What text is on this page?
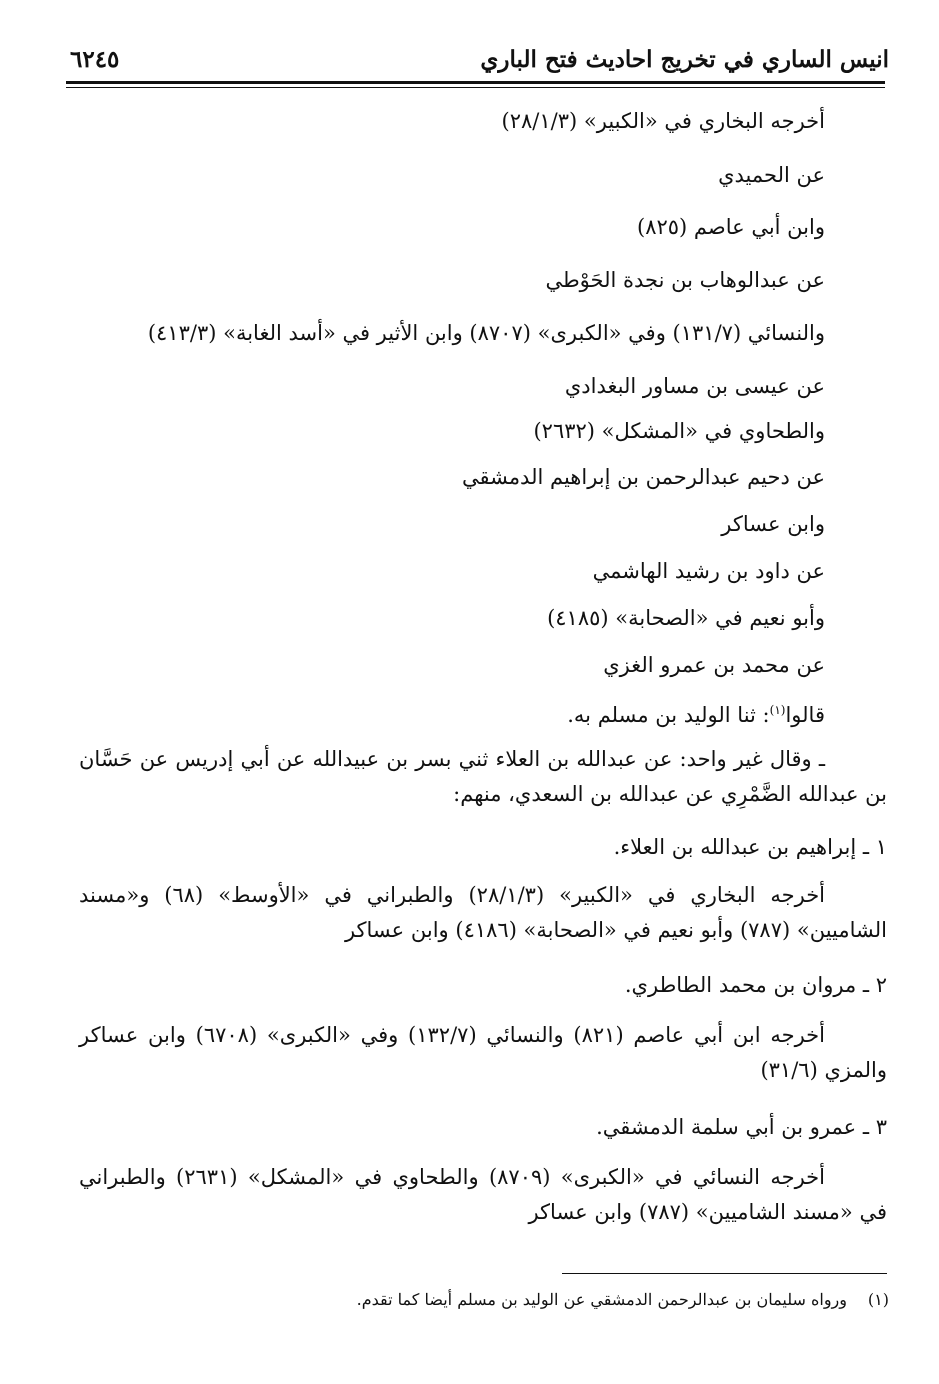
انيس الساري في تخريج احاديث فتح الباري
٦٢٤٥
أخرجه البخاري في «الكبير» (٢٨/١/٣)
عن الحميدي
وابن أبي عاصم (٨٢٥)
عن عبدالوهاب بن نجدة الحَوْطي
والنسائي (١٣١/٧) وفي «الكبرى» (٨٧٠٧) وابن الأثير في «أسد الغابة» (٤١٣/٣)
عن عيسى بن مساور البغدادي
والطحاوي في «المشكل» (٢٦٣٢)
عن دحيم عبدالرحمن بن إبراهيم الدمشقي
وابن عساكر
عن داود بن رشيد الهاشمي
وأبو نعيم في «الصحابة» (٤١٨٥)
عن محمد بن عمرو الغزي
قالوا$^{(١)}$: ثنا الوليد بن مسلم به.
ـ وقال غير واحد: عن عبدالله بن العلاء ثني بسر بن عبيدالله عن أبي إدريس عن حَسَّان بن عبدالله الضَّمْرِي عن عبدالله بن السعدي، منهم:
١ ـ إبراهيم بن عبدالله بن العلاء.
أخرجه البخاري في «الكبير» (٢٨/١/٣) والطبراني في «الأوسط» (٦٨) و«مسند الشاميين» (٧٨٧) وأبو نعيم في «الصحابة» (٤١٨٦) وابن عساكر
٢ ـ مروان بن محمد الطاطري.
أخرجه ابن أبي عاصم (٨٢١) والنسائي (١٣٢/٧) وفي «الكبرى» (٦٧٠٨) وابن عساكر والمزي (٣١/٦)
٣ ـ عمرو بن أبي سلمة الدمشقي.
أخرجه النسائي في «الكبرى» (٨٧٠٩) والطحاوي في «المشكل» (٢٦٣١) والطبراني في «مسند الشاميين» (٧٨٧) وابن عساكر
(١)ورواه سليمان بن عبدالرحمن الدمشقي عن الوليد بن مسلم أيضا كما تقدم.
